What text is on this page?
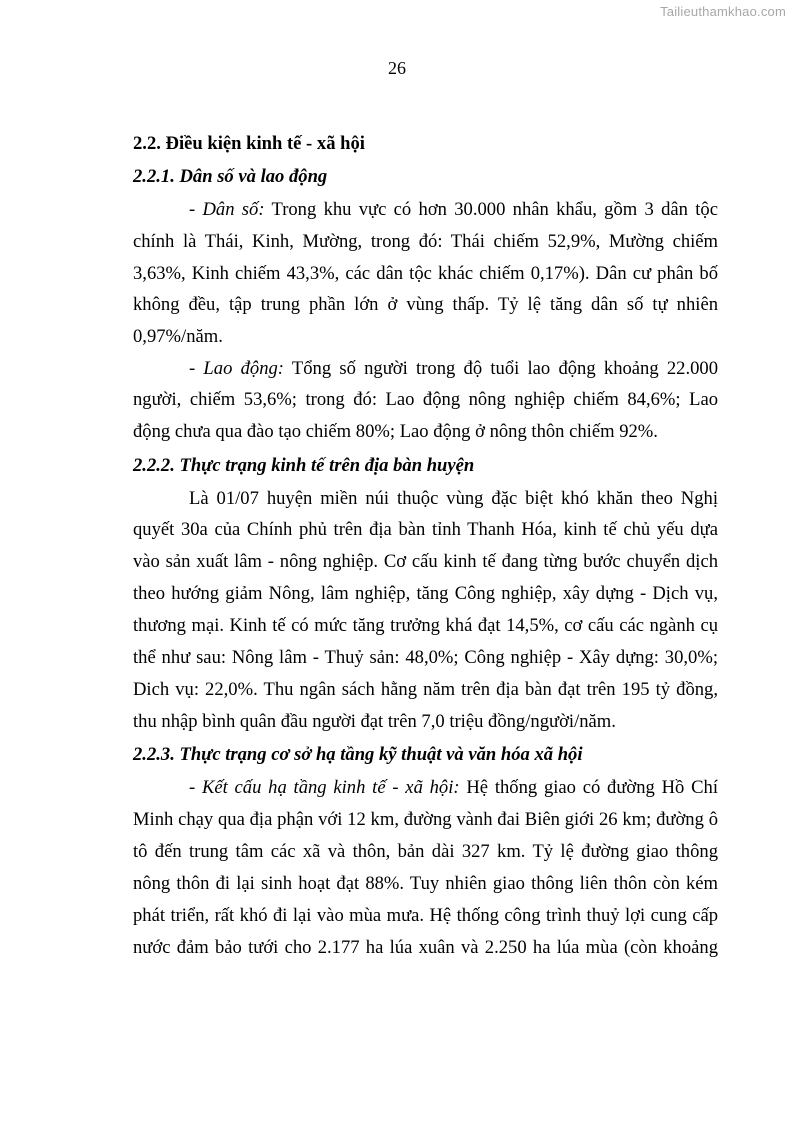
Tailieuthamkhao.com
26
2.2. Điều kiện kinh tế - xã hội
2.2.1. Dân số và lao động
- Dân số: Trong khu vực có hơn 30.000 nhân khẩu, gồm 3 dân tộc
chính là Thái, Kinh, Mường, trong đó: Thái chiếm 52,9%, Mường chiếm
3,63%, Kinh chiếm 43,3%, các dân tộc khác chiếm 0,17%). Dân cư phân bố
không đều, tập trung phần lớn ở vùng thấp. Tỷ lệ tăng dân số tự nhiên
0,97%/năm.
- Lao động: Tổng số người trong độ tuổi lao động khoảng 22.000
người, chiếm 53,6%; trong đó: Lao động nông nghiệp chiếm 84,6%; Lao
động chưa qua đào tạo chiếm 80%; Lao động ở nông thôn chiếm 92%.
2.2.2. Thực trạng kinh tế trên địa bàn huyện
Là 01/07 huyện miền núi thuộc vùng đặc biệt khó khăn theo Nghị
quyết 30a của Chính phủ trên địa bàn tỉnh Thanh Hóa, kinh tế chủ yếu dựa
vào sản xuất lâm - nông nghiệp. Cơ cấu kinh tế đang từng bước chuyển dịch
theo hướng giảm Nông, lâm nghiệp, tăng Công nghiệp, xây dựng - Dịch vụ,
thương mại. Kinh tế có mức tăng trưởng khá đạt 14,5%, cơ cấu các ngành cụ
thể như sau: Nông lâm - Thuỷ sản: 48,0%; Công nghiệp - Xây dựng: 30,0%;
Dich vụ: 22,0%. Thu ngân sách hằng năm trên địa bàn đạt trên 195 tỷ đồng,
thu nhập bình quân đầu người đạt trên 7,0 triệu đồng/người/năm.
2.2.3. Thực trạng cơ sở hạ tầng kỹ thuật và văn hóa xã hội
- Kết cấu hạ tầng kinh tế - xã hội: Hệ thống giao có đường Hồ Chí
Minh chạy qua địa phận với 12 km, đường vành đai Biên giới 26 km; đường ô
tô đến trung tâm các xã và thôn, bản dài 327 km. Tỷ lệ đường giao thông
nông thôn đi lại sinh hoạt đạt 88%. Tuy nhiên giao thông liên thôn còn kém
phát triển, rất khó đi lại vào mùa mưa. Hệ thống công trình thuỷ lợi cung cấp
nước đảm bảo tưới cho 2.177 ha lúa xuân và 2.250 ha lúa mùa (còn khoảng
